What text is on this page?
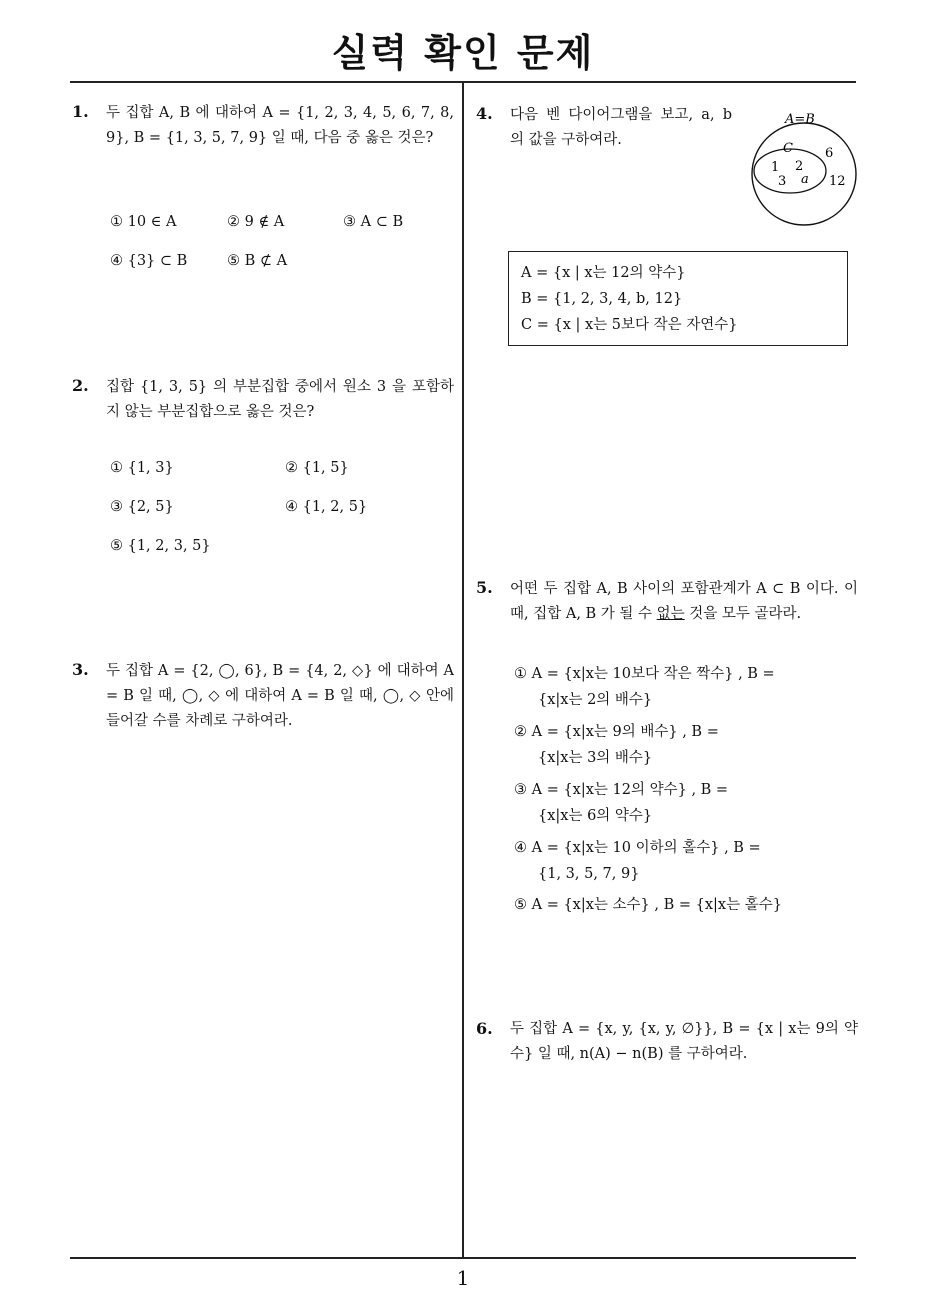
실력 확인 문제
1
1. 두 집합 A, B 에 대하여 A = {1, 2, 3, 4, 5, 6, 7, 8, 9}, B = {1, 3, 5, 7, 9} 일 때, 다음 중 옳은 것은?
① 10 ∈ A	② 9 ∉ A	③ A ⊂ B
④ {3} ⊂ B	⑤ B ⊄ A
2. 집합 {1, 3, 5} 의 부분집합 중에서 원소 3 을 포함하지 않는 부분집합으로 옳은 것은?
① {1, 3}	② {1, 5}
③ {2, 5}	④ {1, 2, 5}
⑤ {1, 2, 3, 5}
3. 두 집합 A = {2, ◯, 6}, B = {4, 2, ◇} 에 대하여 A = B 일 때, ◯, ◇ 에 대하여 A = B 일 때, ◯, ◇ 안에 들어갈 수를 차례로 구하여라.
4. 다음 벤 다이어그램을 보고, a, b 의 값을 구하여라.
A=B
C
1 2
3 a
6
12
A = {x | x는 12의 약수}
B = {1, 2, 3, 4, b, 12}
C = {x | x는 5보다 작은 자연수}
5. 어떤 두 집합 A, B 사이의 포함관계가 A ⊂ B 이다. 이 때, 집합 A, B 가 될 수 없는 것을 모두 골라라.
① A = {x|x는 10보다 작은 짝수} , B =
{x|x는 2의 배수}
② A = {x|x는 9의 배수} , B =
{x|x는 3의 배수}
③ A = {x|x는 12의 약수} , B =
{x|x는 6의 약수}
④ A = {x|x는 10 이하의 홀수} , B =
{1, 3, 5, 7, 9}
⑤ A = {x|x는 소수} , B = {x|x는 홀수}
6. 두 집합 A = {x, y, {x, y, ∅}}, B = {x | x는 9의 약수} 일 때, n(A) − n(B) 를 구하여라.
